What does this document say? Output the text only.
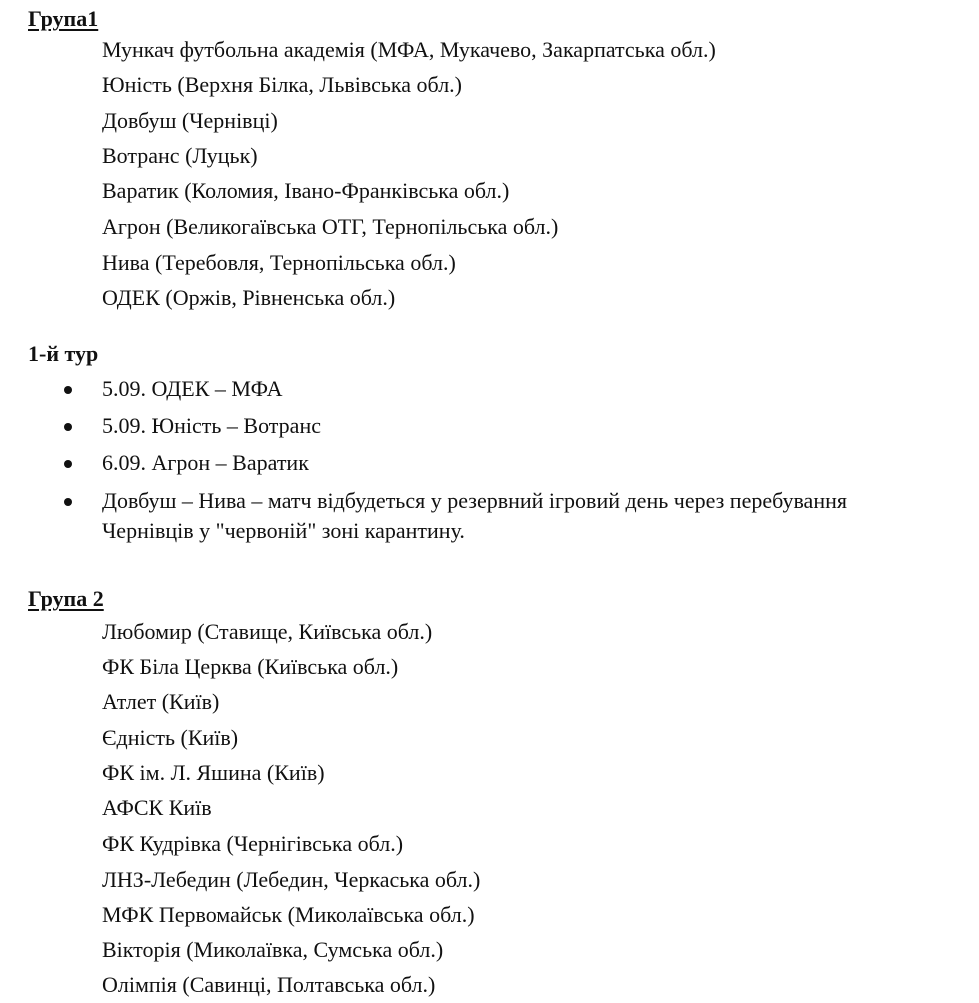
Група1
Мункач футбольна академія (МФА, Мукачево, Закарпатська обл.)
Юність (Верхня Білка, Львівська обл.)
Довбуш (Чернівці)
Вотранс (Луцьк)
Варатик (Коломия, Івано-Франківська обл.)
Агрон (Великогаївська ОТГ, Тернопільська обл.)
Нива (Теребовля, Тернопільська обл.)
ОДЕК (Оржів, Рівненська обл.)
1-й тур
5.09. ОДЕК – МФА
5.09. Юність – Вотранс
6.09. Агрон – Варатик
Довбуш – Нива – матч відбудеться у резервний ігровий день через перебування
Чернівців у "червоній" зоні карантину.
Група 2
Любомир (Ставище, Київська обл.)
ФК Біла Церква (Київська обл.)
Атлет (Київ)
Єдність (Київ)
ФК ім. Л. Яшина (Київ)
АФСК Київ
ФК Кудрівка (Чернігівська обл.)
ЛНЗ-Лебедин (Лебедин, Черкаська обл.)
МФК Первомайськ (Миколаївська обл.)
Вікторія (Миколаївка, Сумська обл.)
Олімпія (Савинці, Полтавська обл.)
